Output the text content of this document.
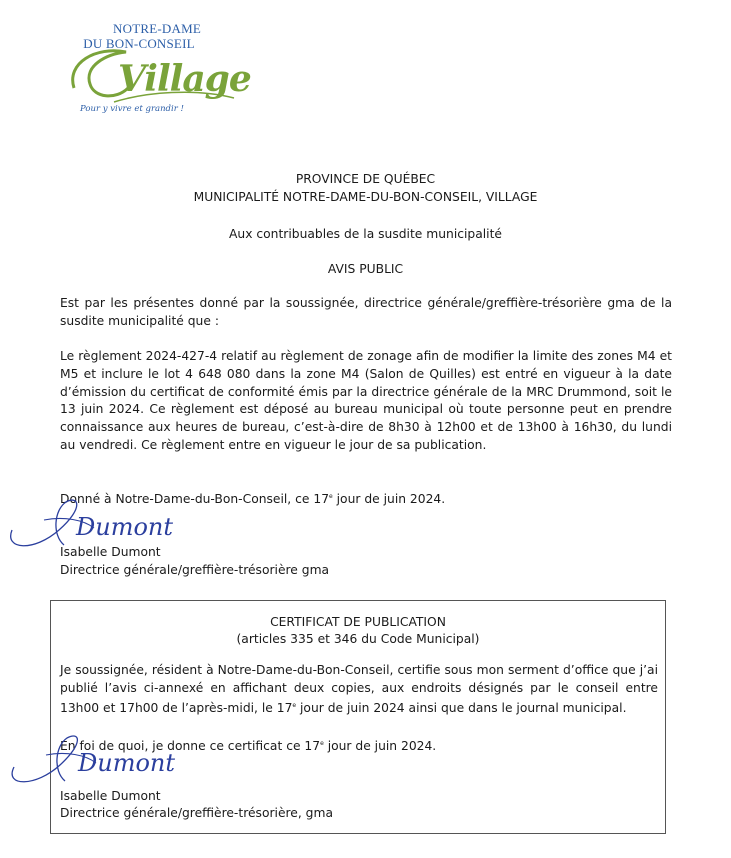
NOTRE-DAME
DU BON-CONSEIL
Village
Pour y vivre et grandir !
PROVINCE DE QUÉBEC
MUNICIPALITÉ NOTRE-DAME-DU-BON-CONSEIL, VILLAGE
Aux contribuables de la susdite municipalité
AVIS PUBLIC
Est par les présentes donné par la soussignée, directrice générale/greffière-trésorière gma de la susdite municipalité que :
Le règlement 2024-427-4 relatif au règlement de zonage afin de modifier la limite des zones M4 et M5 et inclure le lot 4 648 080 dans la zone M4 (Salon de Quilles) est entré en vigueur à la date d’émission du certificat de conformité émis par la directrice générale de la MRC Drummond, soit le 13 juin 2024. Ce règlement est déposé au bureau municipal où toute personne peut en prendre connaissance aux heures de bureau, c’est-à-dire de 8h30 à 12h00 et de 13h00 à 16h30, du lundi au vendredi. Ce règlement entre en vigueur le jour de sa publication.
Donné à Notre-Dame-du-Bon-Conseil, ce 17e jour de juin 2024.
Dumont
Isabelle Dumont
Directrice générale/greffière-trésorière gma
CERTIFICAT DE PUBLICATION
(articles 335 et 346 du Code Municipal)
Je soussignée, résident à Notre-Dame-du-Bon-Conseil, certifie sous mon serment d’office que j’ai publié l’avis ci-annexé en affichant deux copies, aux endroits désignés par le conseil entre 13h00 et 17h00 de l’après-midi, le 17e jour de juin 2024 ainsi que dans le journal municipal.
En foi de quoi, je donne ce certificat ce 17e jour de juin 2024.
Isabelle Dumont
Directrice générale/greffière-trésorière, gma
Dumont
